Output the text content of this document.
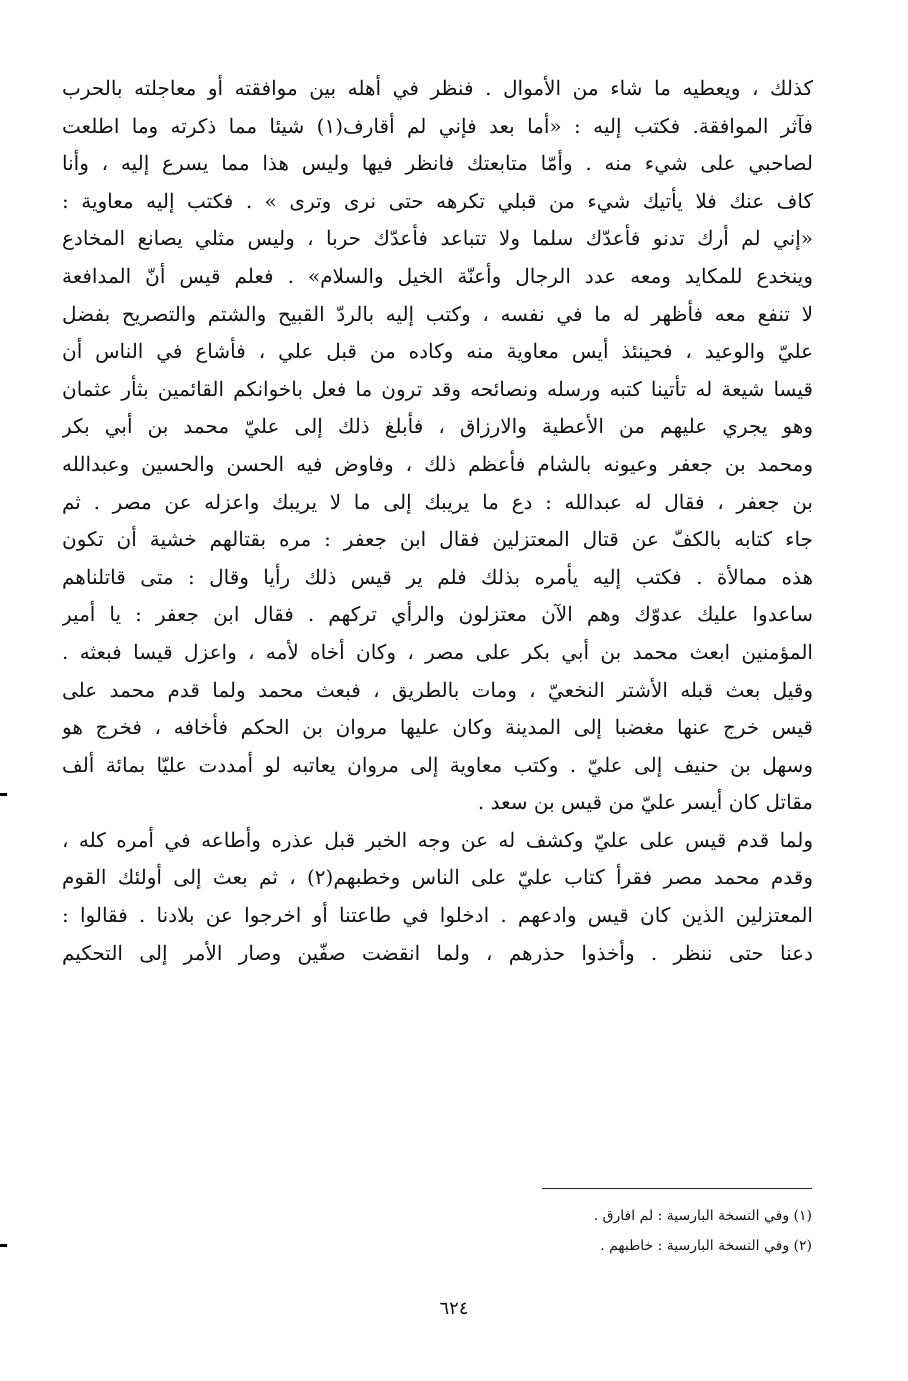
كذلك ، ويعطيه ما شاء من الأموال . فنظر في أهله بين موافقته أو معاجلته بالحرب
فآثر الموافقة. فكتب إليه : «أما بعد فإني لم أقارف(١) شيئا مما ذكرته وما اطلعت
لصاحبي على شيء منه . وأمّا متابعتك فانظر فيها وليس هذا مما يسرع إليه ، وأنا
كاف عنك فلا يأتيك شيء من قبلي تكرهه حتى نرى وترى » . فكتب إليه معاوية :
«إني لم أرك تدنو فأعدّك سلما ولا تتباعد فأعدّك حربا ، وليس مثلي يصانع المخادع
وينخدع للمكايد ومعه عدد الرجال وأعنّة الخيل والسلام» . فعلم قيس أنّ المدافعة
لا تنفع معه فأظهر له ما في نفسه ، وكتب إليه بالردّ القبيح والشتم والتصريح بفضل
عليّ والوعيد ، فحينئذ أيس معاوية منه وكاده من قبل علي ، فأشاع في الناس أن
قيسا شيعة له تأتينا كتبه ورسله ونصائحه وقد ترون ما فعل باخوانكم القائمين بثأر عثمان
وهو يجري عليهم من الأعطية والارزاق ، فأبلغ ذلك إلى عليّ محمد بن أبي بكر
ومحمد بن جعفر وعيونه بالشام فأعظم ذلك ، وفاوض فيه الحسن والحسين وعبدالله
بن جعفر ، فقال له عبدالله : دع ما يريبك إلى ما لا يريبك واعزله عن مصر . ثم
جاء كتابه بالكفّ عن قتال المعتزلين فقال ابن جعفر : مره بقتالهم خشية أن تكون
هذه ممالأة . فكتب إليه يأمره بذلك فلم ير قيس ذلك رأيا وقال : متى قاتلناهم
ساعدوا عليك عدوّك وهم الآن معتزلون والرأي تركهم . فقال ابن جعفر : يا أمير
المؤمنين ابعث محمد بن أبي بكر على مصر ، وكان أخاه لأمه ، واعزل قيسا فبعثه .
وقيل بعث قبله الأشتر النخعيّ ، ومات بالطريق ، فبعث محمد ولما قدم محمد على
قيس خرج عنها مغضبا إلى المدينة وكان عليها مروان بن الحكم فأخافه ، فخرج هو
وسهل بن حنيف إلى عليّ . وكتب معاوية إلى مروان يعاتبه لو أمددت عليّا بمائة ألف
مقاتل كان أيسر عليّ من قيس بن سعد .
ولما قدم قيس على عليّ وكشف له عن وجه الخبر قبل عذره وأطاعه في أمره كله ،
وقدم محمد مصر فقرأ كتاب عليّ على الناس وخطبهم(٢) ، ثم بعث إلى أولئك القوم
المعتزلين الذين كان قيس وادعهم . ادخلوا في طاعتنا أو اخرجوا عن بلادنا . فقالوا :
دعنا حتى ننظر . وأخذوا حذرهم ، ولما انقضت صفّين وصار الأمر إلى التحكيم
(١) وفي النسخة البارسية : لم افارق .
(٢) وفي النسخة البارسية : خاطبهم .
٦٢٤
